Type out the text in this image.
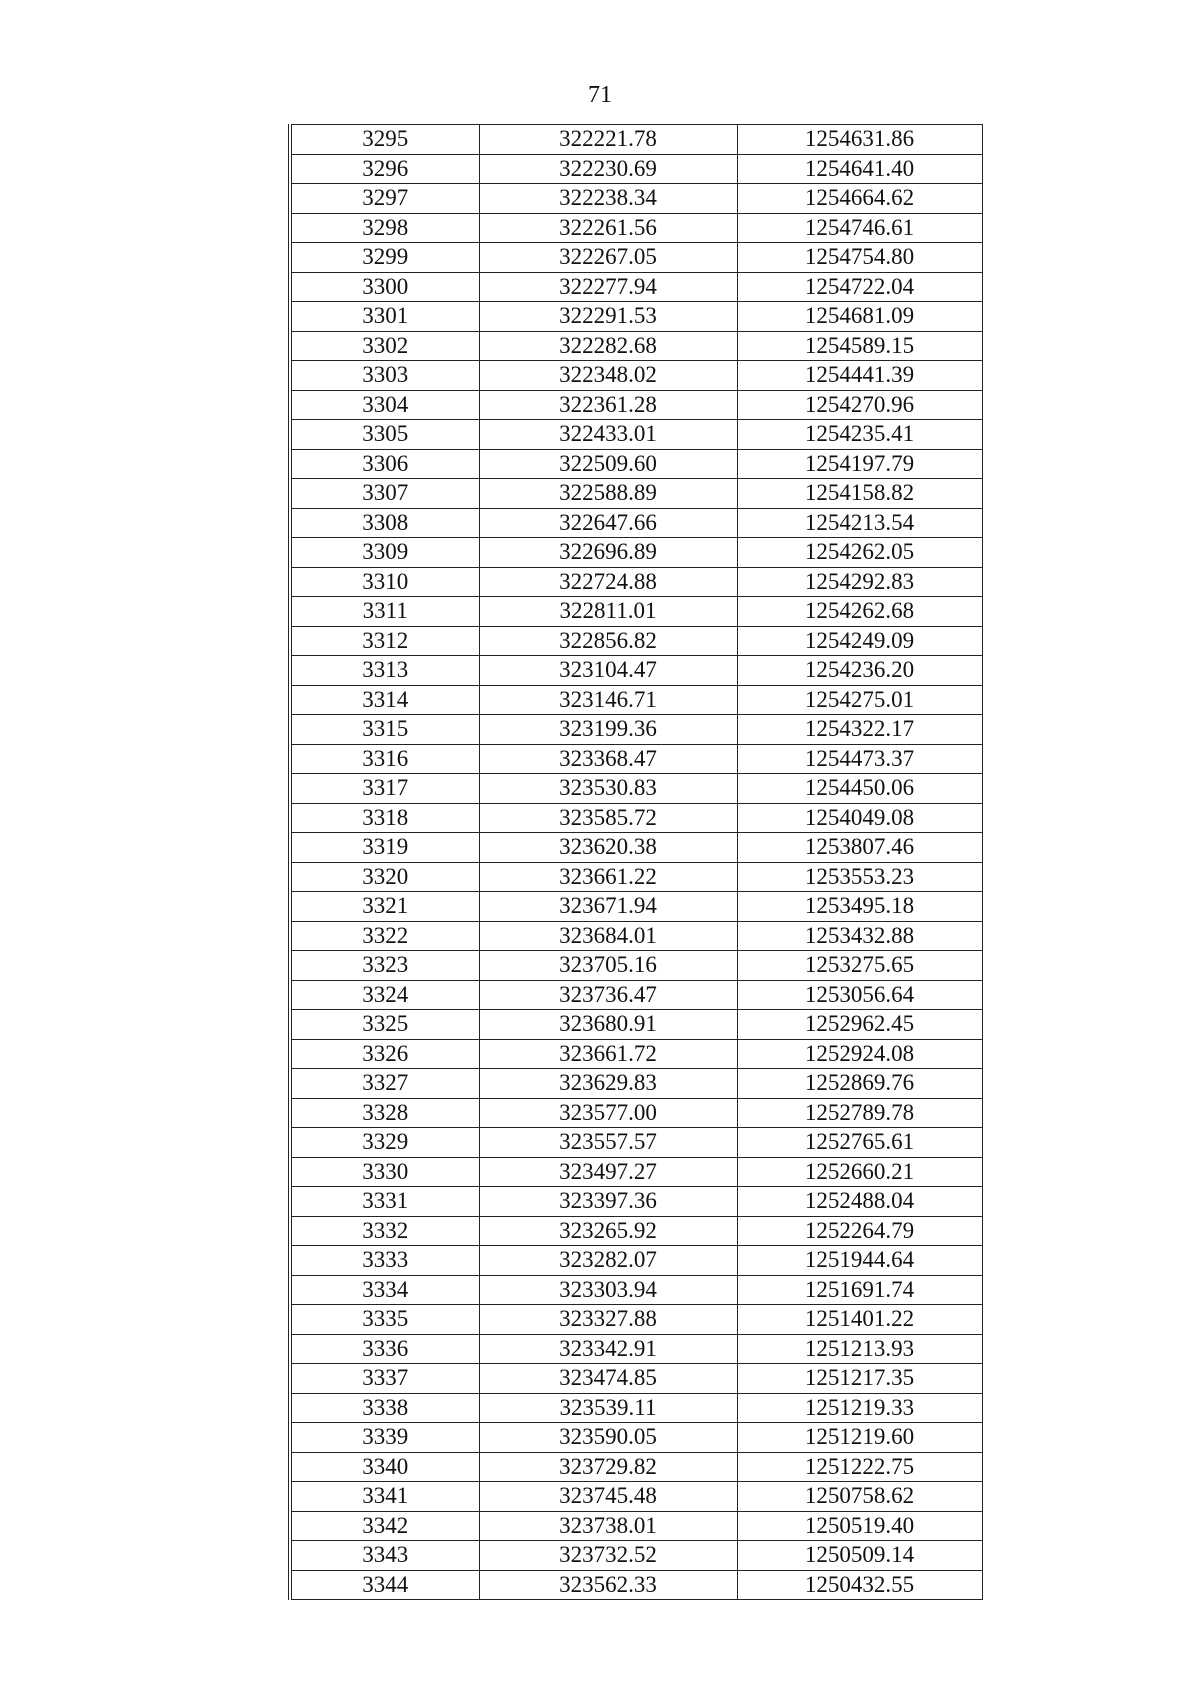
71
3295	322221.78	1254631.86
3296	322230.69	1254641.40
3297	322238.34	1254664.62
3298	322261.56	1254746.61
3299	322267.05	1254754.80
3300	322277.94	1254722.04
3301	322291.53	1254681.09
3302	322282.68	1254589.15
3303	322348.02	1254441.39
3304	322361.28	1254270.96
3305	322433.01	1254235.41
3306	322509.60	1254197.79
3307	322588.89	1254158.82
3308	322647.66	1254213.54
3309	322696.89	1254262.05
3310	322724.88	1254292.83
3311	322811.01	1254262.68
3312	322856.82	1254249.09
3313	323104.47	1254236.20
3314	323146.71	1254275.01
3315	323199.36	1254322.17
3316	323368.47	1254473.37
3317	323530.83	1254450.06
3318	323585.72	1254049.08
3319	323620.38	1253807.46
3320	323661.22	1253553.23
3321	323671.94	1253495.18
3322	323684.01	1253432.88
3323	323705.16	1253275.65
3324	323736.47	1253056.64
3325	323680.91	1252962.45
3326	323661.72	1252924.08
3327	323629.83	1252869.76
3328	323577.00	1252789.78
3329	323557.57	1252765.61
3330	323497.27	1252660.21
3331	323397.36	1252488.04
3332	323265.92	1252264.79
3333	323282.07	1251944.64
3334	323303.94	1251691.74
3335	323327.88	1251401.22
3336	323342.91	1251213.93
3337	323474.85	1251217.35
3338	323539.11	1251219.33
3339	323590.05	1251219.60
3340	323729.82	1251222.75
3341	323745.48	1250758.62
3342	323738.01	1250519.40
3343	323732.52	1250509.14
3344	323562.33	1250432.55
